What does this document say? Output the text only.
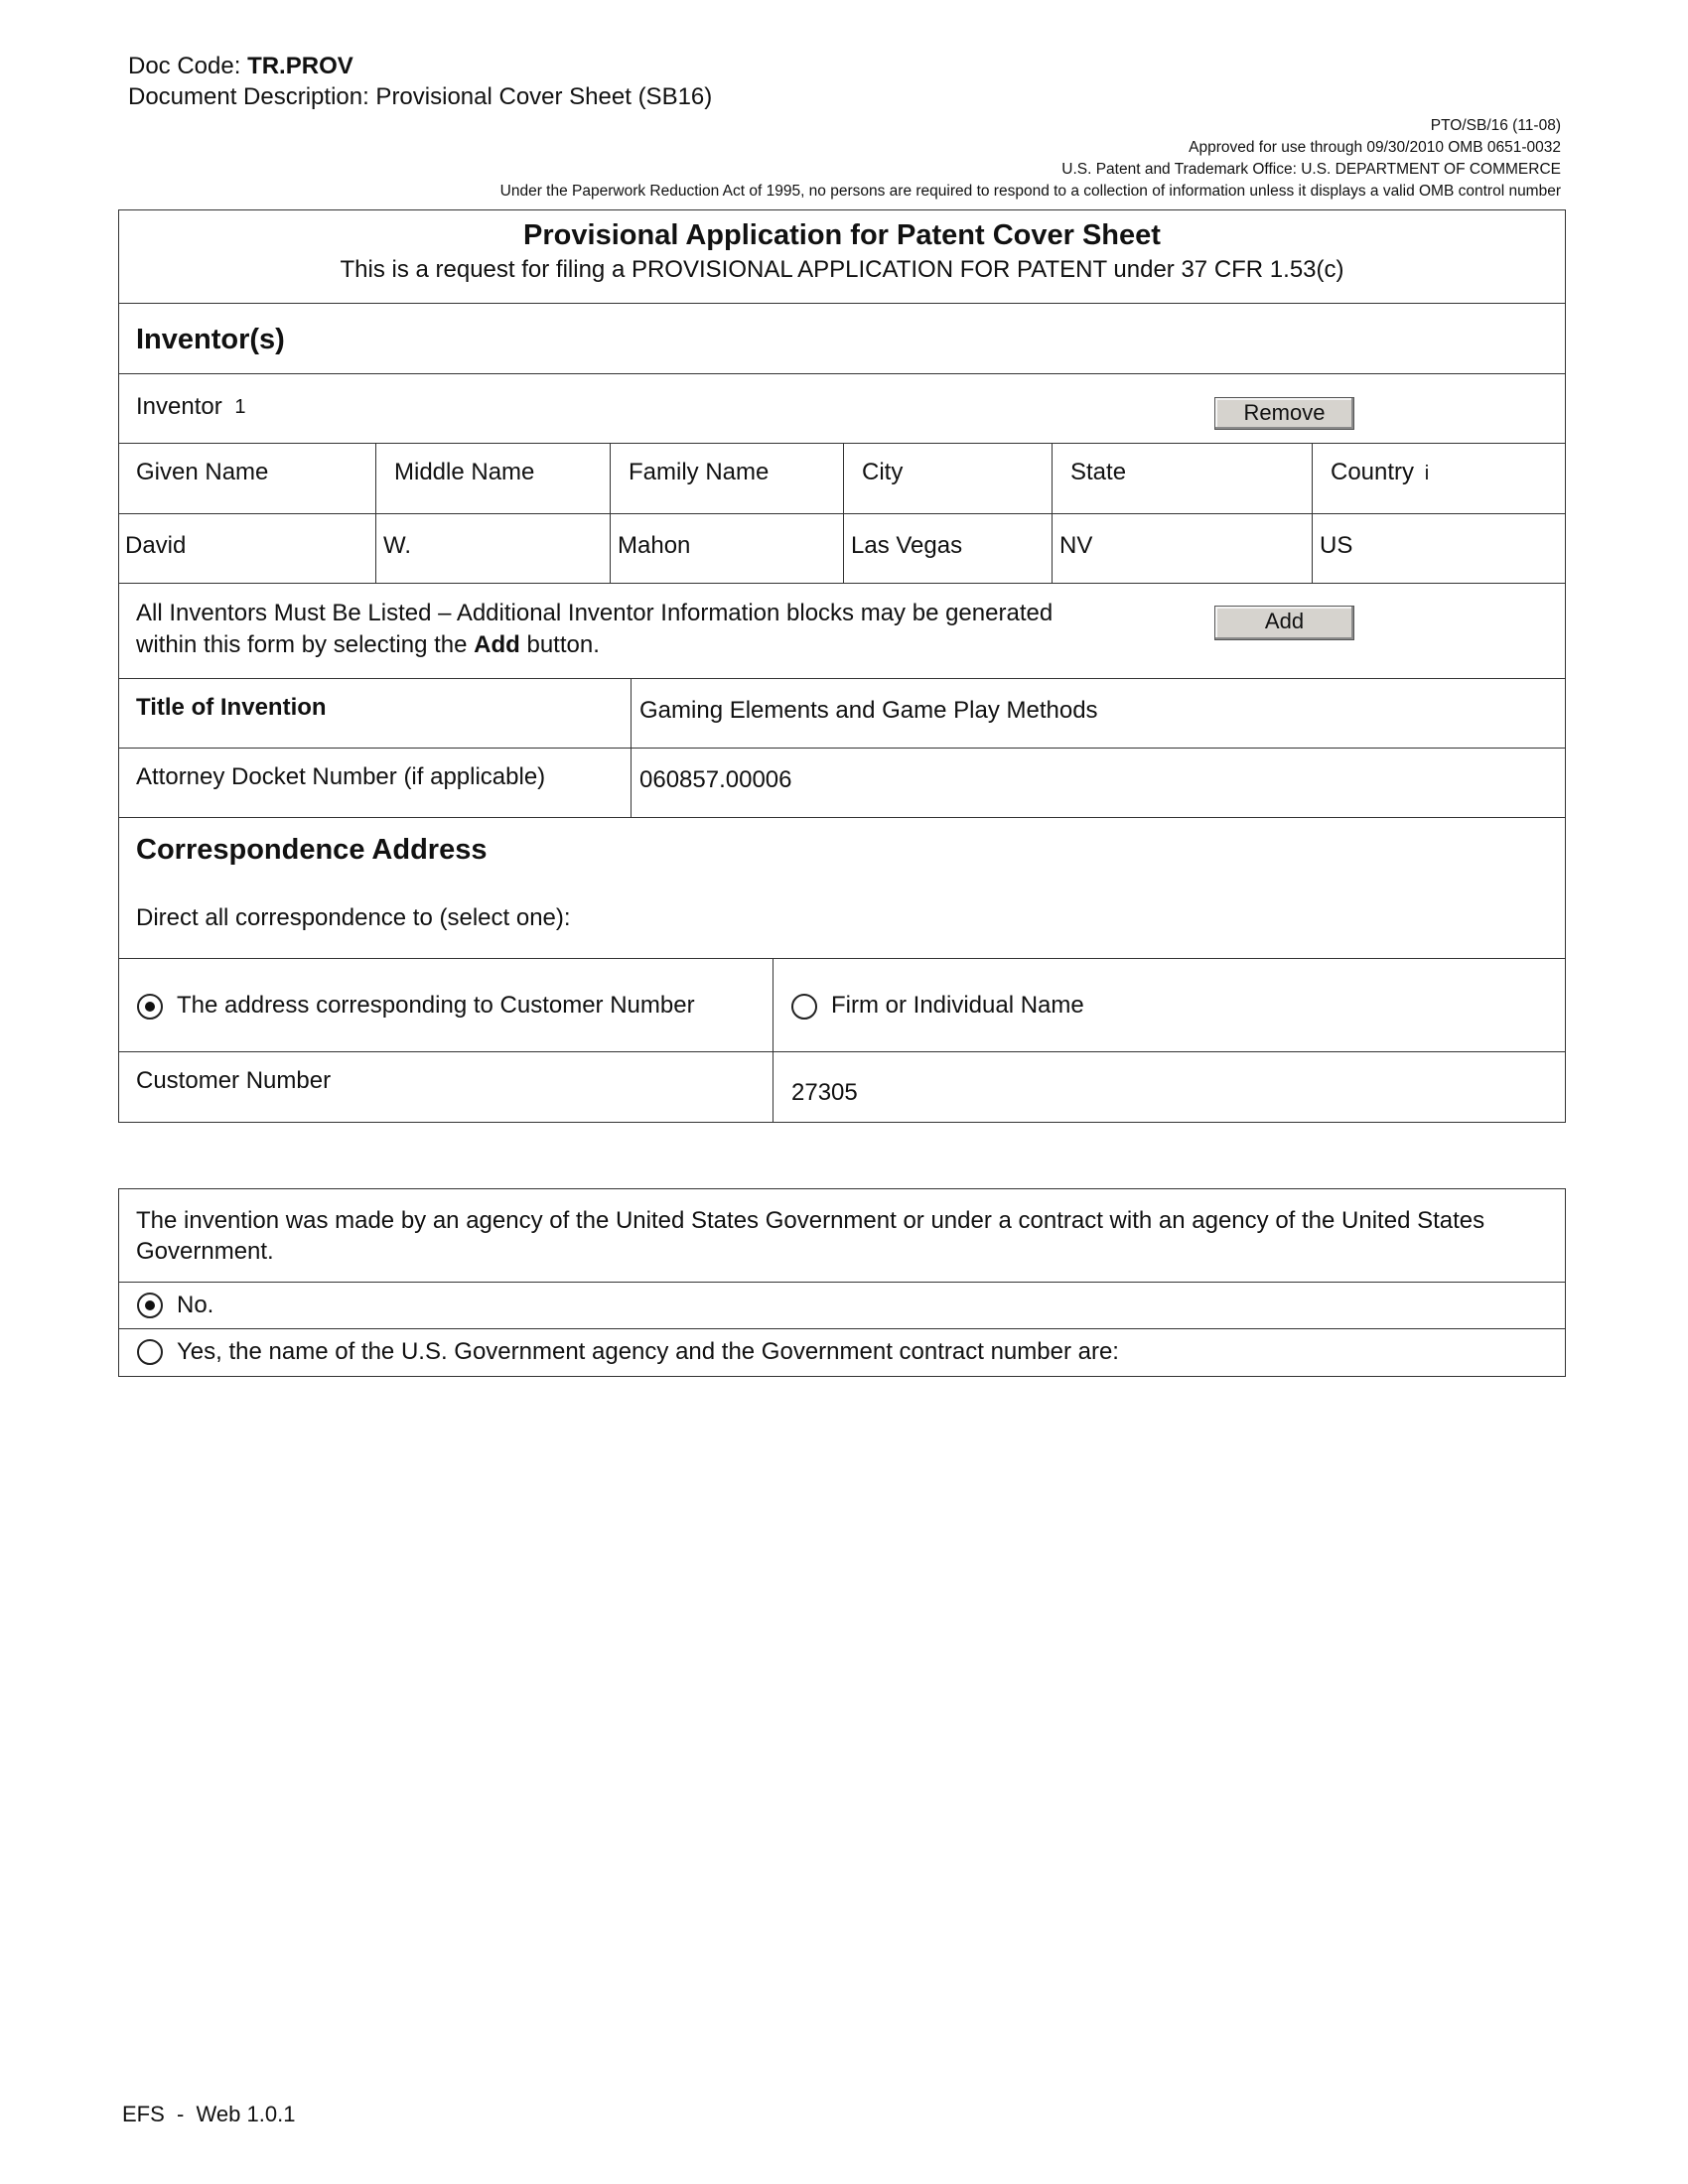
Doc Code: TR.PROV
Document Description: Provisional Cover Sheet (SB16)
PTO/SB/16 (11-08)
Approved for use through 09/30/2010 OMB 0651-0032
U.S. Patent and Trademark Office: U.S. DEPARTMENT OF COMMERCE
Under the Paperwork Reduction Act of 1995, no persons are required to respond to a collection of information unless it displays a valid OMB control number
Provisional Application for Patent Cover Sheet
This is a request for filing a PROVISIONAL APPLICATION FOR PATENT under 37 CFR 1.53(c)
Inventor(s)
Inventor $^1$	Remove
Given Name	Middle Name	Family Name	City	State	Country i
David	W.	Mahon	Las Vegas	NV	US
All Inventors Must Be Listed – Additional Inventor Information blocks may be generated within this form by selecting the Add button.
Add
Title of Invention	Gaming Elements and Game Play Methods
Attorney Docket Number (if applicable)	060857.00006
Correspondence Address
Direct all correspondence to (select one):
The address corresponding to Customer Number	Firm or Individual Name
Customer Number	27305
The invention was made by an agency of the United States Government or under a contract with an agency of the United States Government.
No.
Yes, the name of the U.S. Government agency and the Government contract number are:
EFS  -  Web 1.0.1
